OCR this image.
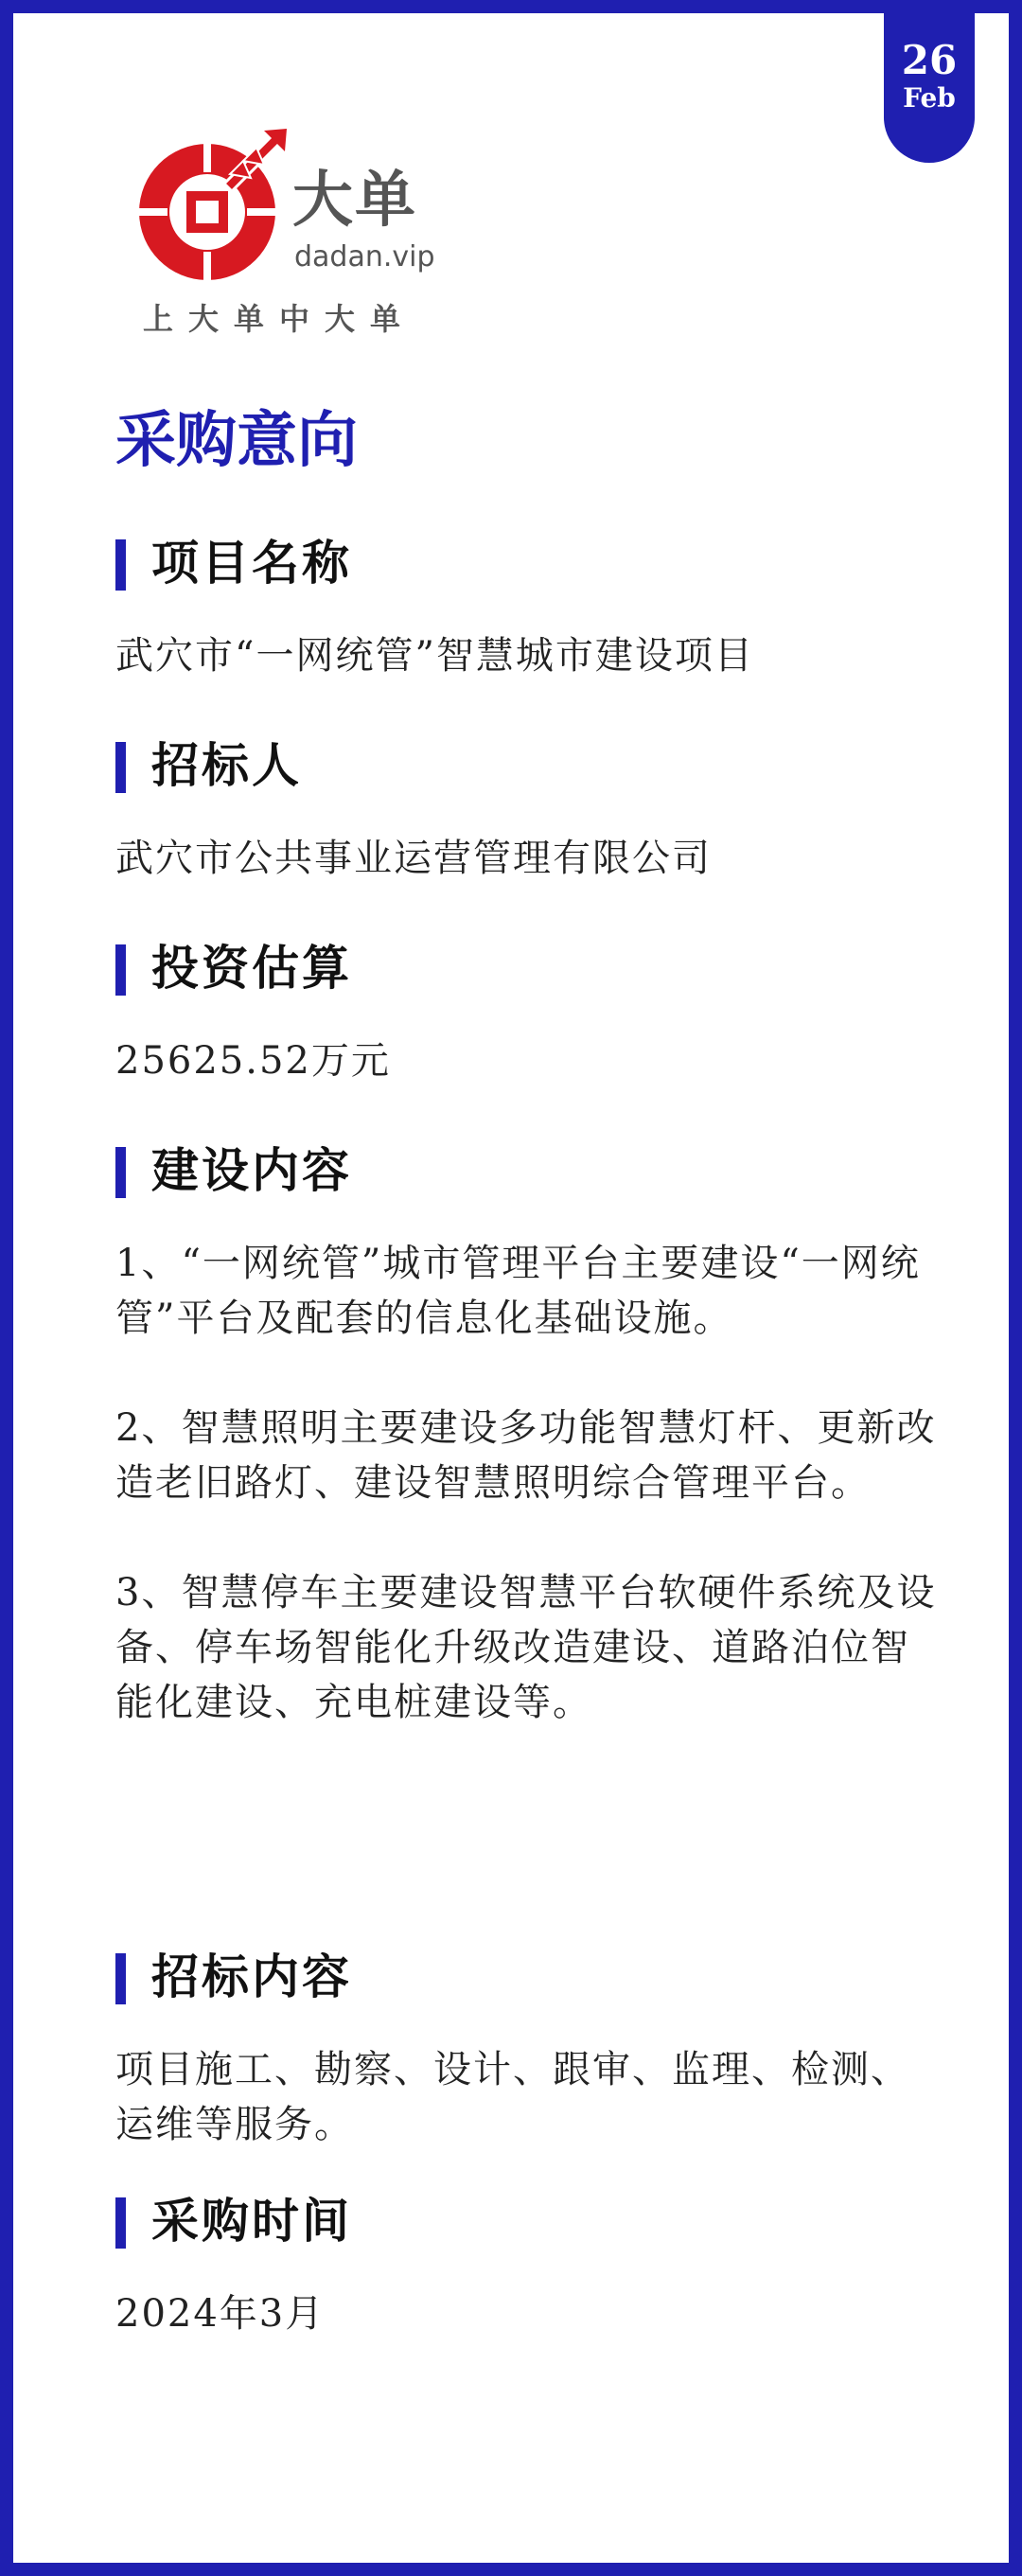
26
Feb
大单
dadan.vip
上大单中大单
采购意向
项目名称

武穴市“一网统管”智慧城市建设项目

招标人

武穴市公共事业运营管理有限公司

投资估算

25625.52万元

建设内容

1、“一网统管”城市管理平台主要建设“一网统管”平台及配套的信息化基础设施。

2、智慧照明主要建设多功能智慧灯杆、更新改造老旧路灯、建设智慧照明综合管理平台。

3、智慧停车主要建设智慧平台软硬件系统及设备、停车场智能化升级改造建设、道路泊位智能化建设、充电桩建设等。

招标内容

项目施工、勘察、设计、跟审、监理、检测、运维等服务。

采购时间

2024年3月
